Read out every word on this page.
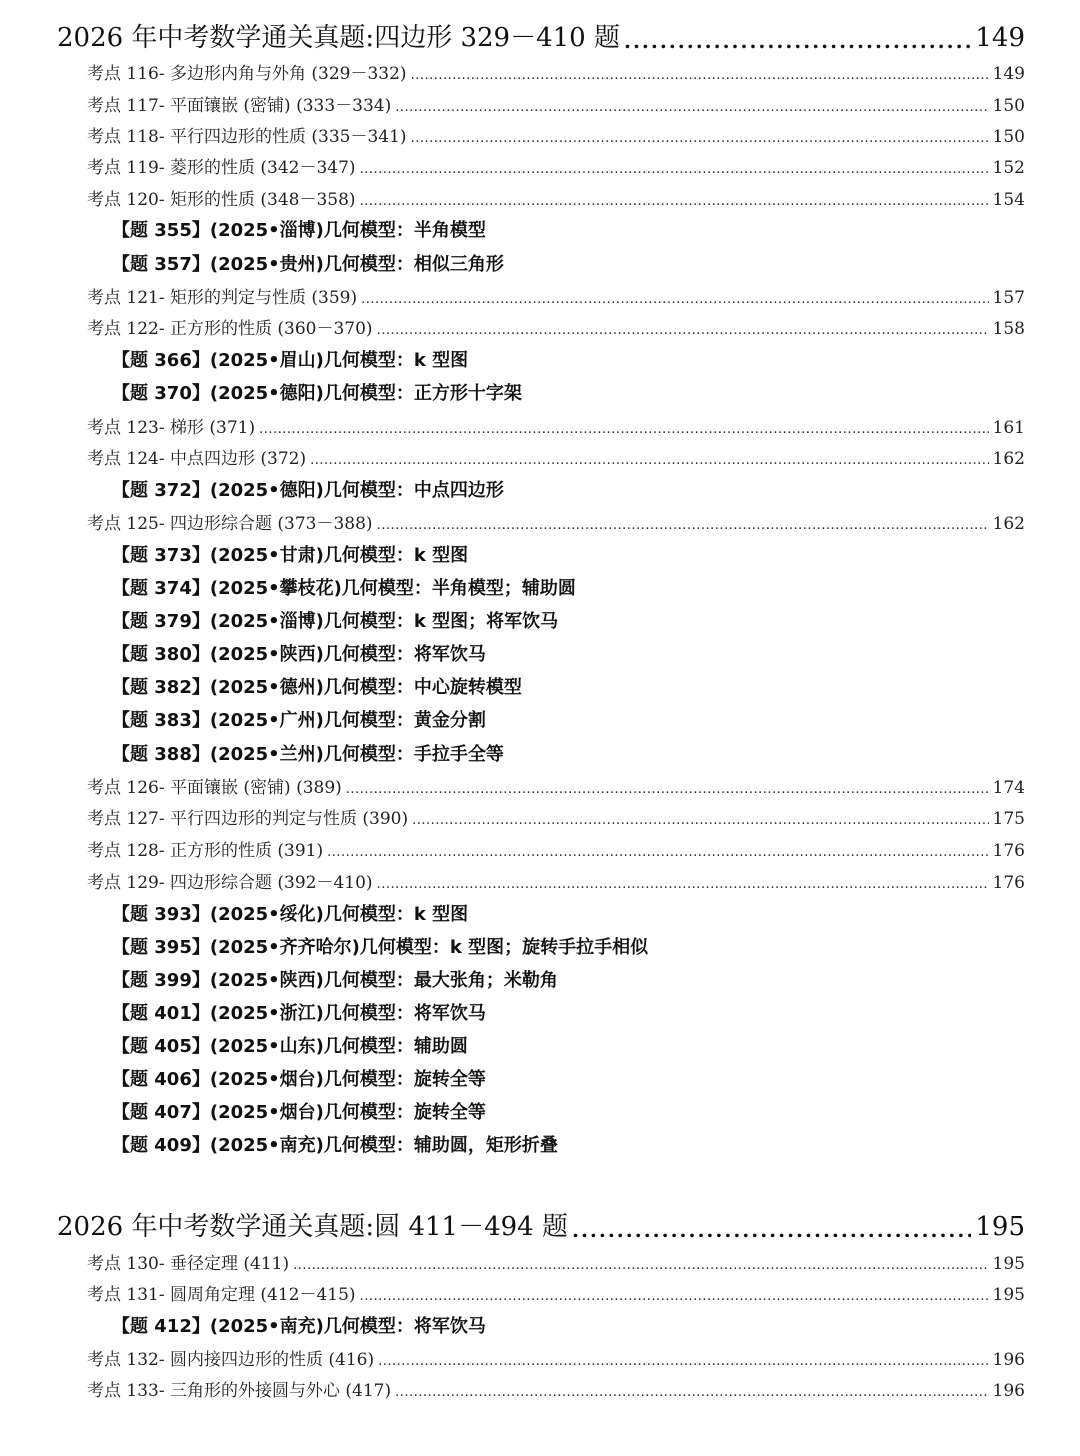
2026 年中考数学通关真题:四边形 329－410 题 .....	149
考点 116- 多边形内角与外角 (329－332) .....	149
考点 117- 平面镶嵌 (密铺) (333－334) .....	150
考点 118- 平行四边形的性质 (335－341) .....	150
考点 119- 菱形的性质 (342－347) .....	152
考点 120- 矩形的性质 (348－358) .....	154
【题 355】(2025•淄博)几何模型：半角模型
【题 357】(2025•贵州)几何模型：相似三角形
考点 121- 矩形的判定与性质 (359) .....	157
考点 122- 正方形的性质 (360－370) .....	158
【题 366】(2025•眉山)几何模型：k 型图
【题 370】(2025•德阳)几何模型：正方形十字架
考点 123- 梯形 (371) .....	161
考点 124- 中点四边形 (372) .....	162
【题 372】(2025•德阳)几何模型：中点四边形
考点 125- 四边形综合题 (373－388) .....	162
【题 373】(2025•甘肃)几何模型：k 型图
【题 374】(2025•攀枝花)几何模型：半角模型；辅助圆
【题 379】(2025•淄博)几何模型：k 型图；将军饮马
【题 380】(2025•陕西)几何模型：将军饮马
【题 382】(2025•德州)几何模型：中心旋转模型
【题 383】(2025•广州)几何模型：黄金分割
【题 388】(2025•兰州)几何模型：手拉手全等
考点 126- 平面镶嵌 (密铺) (389) .....	174
考点 127- 平行四边形的判定与性质 (390) .....	175
考点 128- 正方形的性质 (391) .....	176
考点 129- 四边形综合题 (392－410) .....	176
【题 393】(2025•绥化)几何模型：k 型图
【题 395】(2025•齐齐哈尔)几何模型：k 型图；旋转手拉手相似
【题 399】(2025•陕西)几何模型：最大张角；米勒角
【题 401】(2025•浙江)几何模型：将军饮马
【题 405】(2025•山东)几何模型：辅助圆
【题 406】(2025•烟台)几何模型：旋转全等
【题 407】(2025•烟台)几何模型：旋转全等
【题 409】(2025•南充)几何模型：辅助圆，矩形折叠
2026 年中考数学通关真题:圆 411－494 题 .....	195
考点 130- 垂径定理 (411) .....	195
考点 131- 圆周角定理 (412－415) .....	195
【题 412】(2025•南充)几何模型：将军饮马
考点 132- 圆内接四边形的性质 (416) .....	196
考点 133- 三角形的外接圆与外心 (417) .....	196
